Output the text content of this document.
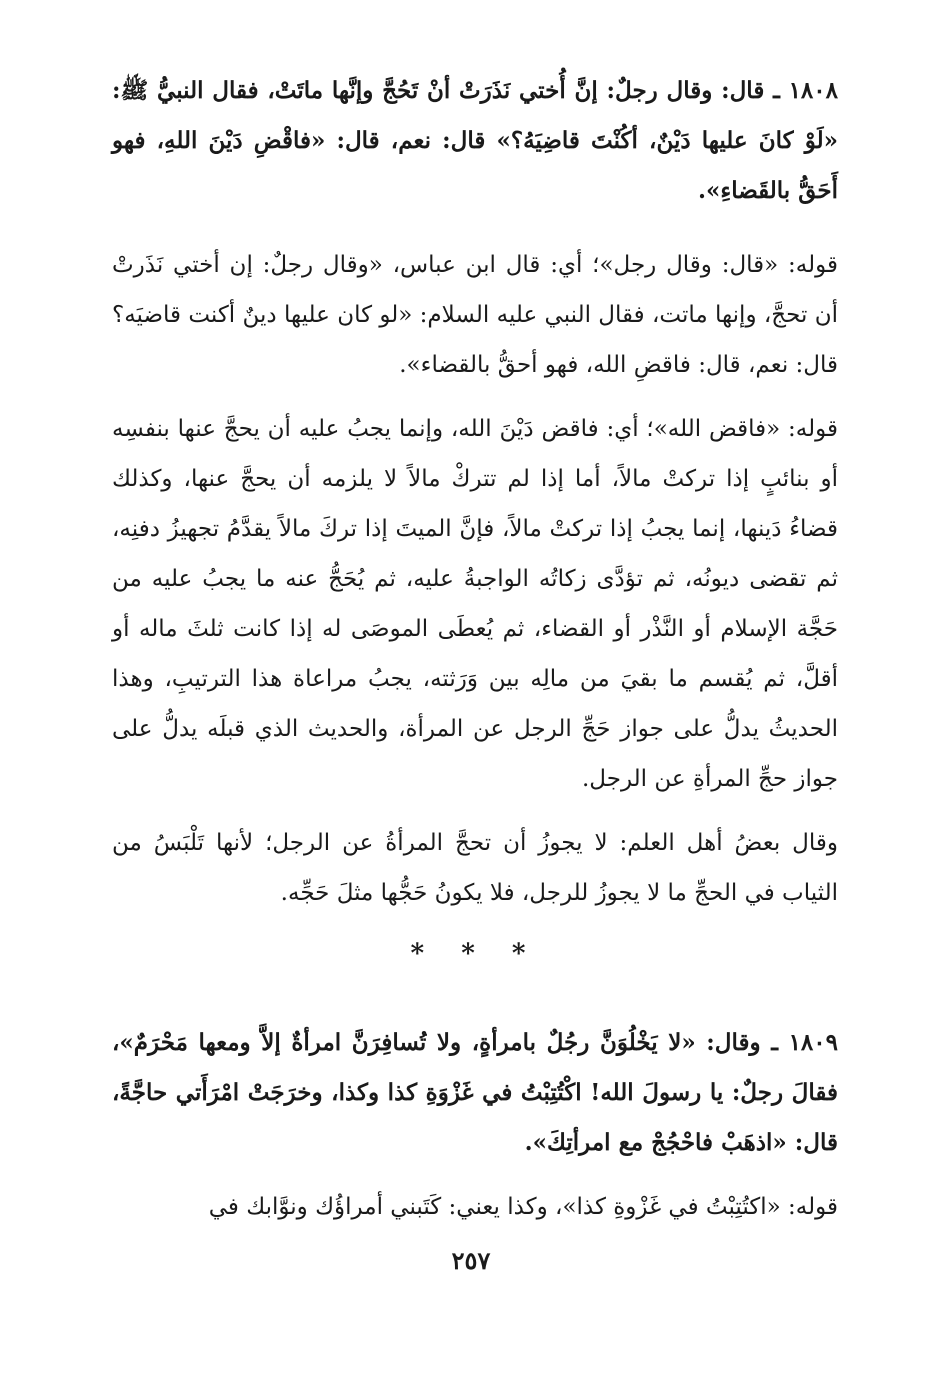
١٨٠٨ ـ قال: وقال رجلٌ: إنَّ أُختي نَذَرَتْ أنْ تَحُجَّ وإنَّها ماتَتْ، فقال النبيُّ ﷺ: «لَوْ كانَ عليها دَيْنٌ، أكُنْتَ قاضِيَهُ؟» قال: نعم، قال: «فاقْضِ دَيْنَ اللهِ، فهو أَحَقُّ بالقَضاءِ».

قوله: «قال: وقال رجل»؛ أي: قال ابن عباس، «وقال رجلٌ: إن أختي نَذَرتْ أن تحجَّ، وإنها ماتت، فقال النبي عليه السلام: «لو كان عليها دينٌ أكنت قاضيَه؟ قال: نعم، قال: فاقضِ الله، فهو أحقُّ بالقضاء».

قوله: «فاقض الله»؛ أي: فاقض دَيْنَ الله، وإنما يجبُ عليه أن يحجَّ عنها بنفسِه أو بنائبٍ إذا تركتْ مالاً، أما إذا لم تتركْ مالاً لا يلزمه أن يحجَّ عنها، وكذلك قضاءُ دَينها، إنما يجبُ إذا تركتْ مالاً، فإنَّ الميتَ إذا تركَ مالاً يقدَّمُ تجهيزُ دفنِه، ثم تقضى ديونُه، ثم تؤدَّى زكاتُه الواجبةُ عليه، ثم يُحَجُّ عنه ما يجبُ عليه من حَجَّة الإسلام أو النَّذْر أو القضاء، ثم يُعطَى الموصَى له إذا كانت ثلثَ ماله أو أقلَّ، ثم يُقسم ما بقيَ من مالِه بين وَرَثته، يجبُ مراعاة هذا الترتيبِ، وهذا الحديثُ يدلُّ على جواز حَجِّ الرجل عن المرأة، والحديث الذي قبلَه يدلُّ على جواز حجِّ المرأةِ عن الرجل.

وقال بعضُ أهل العلم: لا يجوزُ أن تحجَّ المرأةُ عن الرجل؛ لأنها تَلْبَسُ من الثياب في الحجِّ ما لا يجوزُ للرجل، فلا يكونُ حَجُّها مثلَ حَجِّه.

* * *

١٨٠٩ ـ وقال: «لا يَخْلُوَنَّ رجُلٌ بامرأةٍ، ولا تُسافِرَنَّ امرأةٌ إلاَّ ومعها مَحْرَمٌ»، فقالَ رجلٌ: يا رسولَ الله! اكْتُتِبْتُ في غَزْوَةِ كذا وكذا، وخرَجَتْ امْرَأَتي حاجَّةً، قال: «اذهَبْ فاحْجُجْ مع امرأتِكَ».

قوله: «اكتُتِبْتُ في غَزْوةِ كذا»، وكذا يعني: كَتَبني أمراؤُك ونوَّابك في

٢٥٧
